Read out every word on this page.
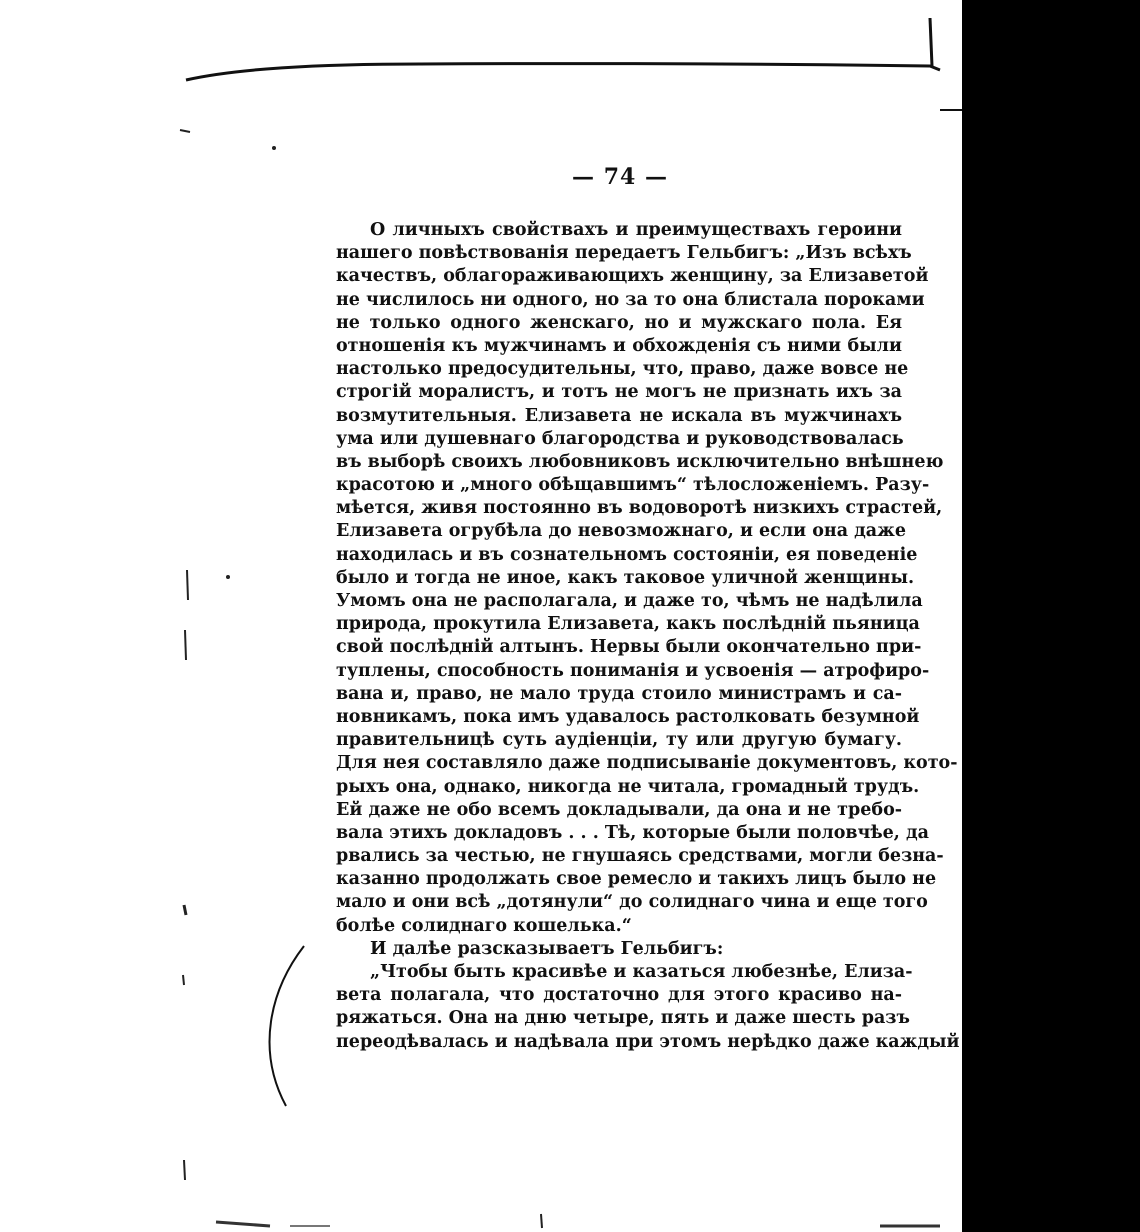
— 74 —
О личныхъ свойствахъ и преимуществахъ героини
нашего повѣствованія передаетъ Гельбигъ: „Изъ всѣхъ
качествъ, облагораживающихъ женщину, за Елизаветой
не числилось ни одного, но за то она блистала пороками
не только одного женскаго, но и мужскаго пола. Ея
отношенія къ мужчинамъ и обхожденія съ ними были
настолько предосудительны, что, право, даже вовсе не
строгій моралистъ, и тотъ не могъ не признать ихъ за
возмутительныя. Елизавета не искала въ мужчинахъ
ума или душевнаго благородства и руководствовалась
въ выборѣ своихъ любовниковъ исключительно внѣшнею
красотою и „много обѣщавшимъ“ тѣлосложеніемъ. Разу-
мѣется, живя постоянно въ водоворотѣ низкихъ страстей,
Елизавета огрубѣла до невозможнаго, и если она даже
находилась и въ сознательномъ состояніи, ея поведеніе
было и тогда не иное, какъ таковое уличной женщины.
Умомъ она не располагала, и даже то, чѣмъ не надѣлила
природа, прокутила Елизавета, какъ послѣдній пьяница
свой послѣдній алтынъ. Нервы были окончательно при-
туплены, способность пониманія и усвоенія — атрофиро-
вана и, право, не мало труда стоило министрамъ и са-
новникамъ, пока имъ удавалось растолковать безумной
правительницѣ суть аудіенціи, ту или другую бумагу.
Для нея составляло даже подписываніе документовъ, кото-
рыхъ она, однако, никогда не читала, громадный трудъ.
Ей даже не обо всемъ докладывали, да она и не требо-
вала этихъ докладовъ . . . Тѣ, которые были половчѣе, да
рвались за честью, не гнушаясь средствами, могли безна-
казанно продолжать свое ремесло и такихъ лицъ было не
мало и они всѣ „дотянули“ до солиднаго чина и еще того
болѣе солиднаго кошелька.“
И далѣе разсказываетъ Гельбигъ:
„Чтобы быть красивѣе и казаться любезнѣе, Елиза-
вета полагала, что достаточно для этого красиво на-
ряжаться. Она на дню четыре, пять и даже шесть разъ
переодѣвалась и надѣвала при этомъ нерѣдко даже каждый
